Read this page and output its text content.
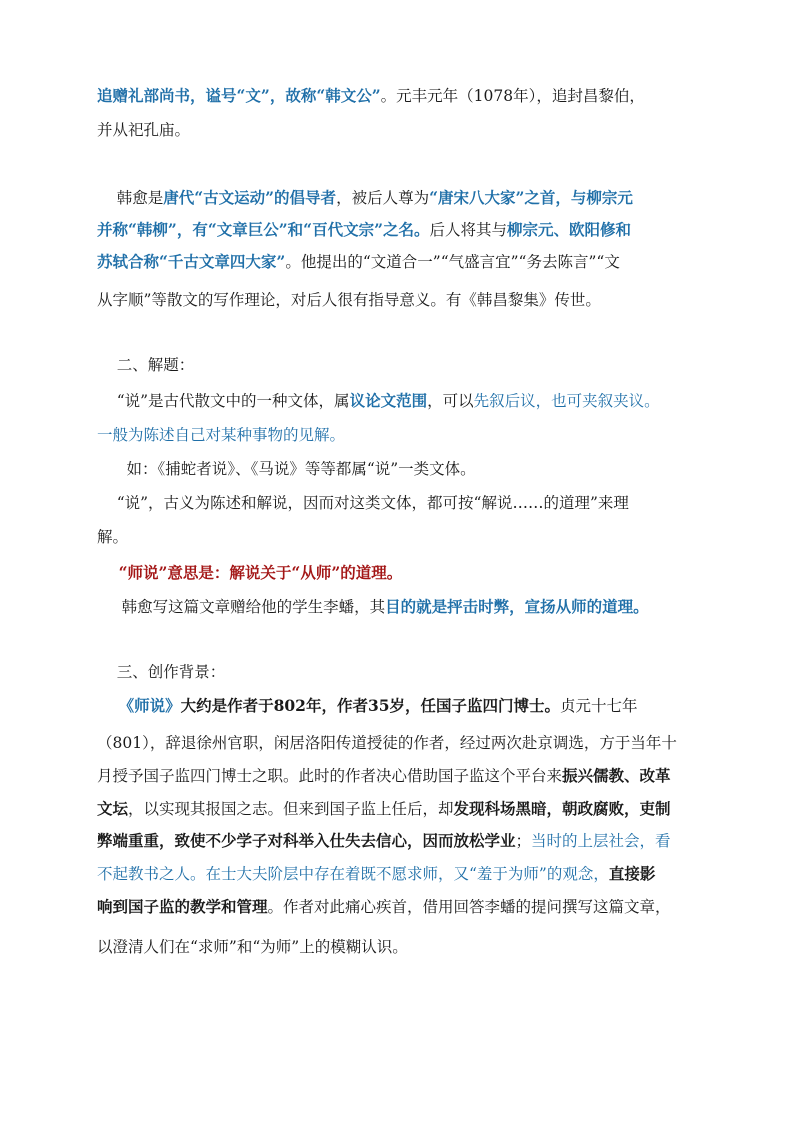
追赠礼部尚书，谥号“文”，故称“韩文公”。元丰元年（1078年），追封昌黎伯，
并从祀孔庙。
韩愈是唐代“古文运动”的倡导者，被后人尊为“唐宋八大家”之首，与柳宗元
并称“韩柳”，有“文章巨公”和“百代文宗”之名。后人将其与柳宗元、欧阳修和
苏轼合称“千古文章四大家”。他提出的“文道合一”“气盛言宜”“务去陈言”“文
从字顺”等散文的写作理论，对后人很有指导意义。有《韩昌黎集》传世。
二、解题：
“说”是古代散文中的一种文体，属议论文范围，可以先叙后议，也可夹叙夹议。
一般为陈述自己对某种事物的见解。
如：《捕蛇者说》、《马说》等等都属“说”一类文体。
“说”，古义为陈述和解说，因而对这类文体，都可按“解说……的道理”来理
解。
“师说”意思是：解说关于“从师”的道理。
韩愈写这篇文章赠给他的学生李蟠，其目的就是抨击时弊，宣扬从师的道理。
三、创作背景：
《师说》大约是作者于802年，作者35岁，任国子监四门博士。贞元十七年
（801），辞退徐州官职，闲居洛阳传道授徒的作者，经过两次赴京调选，方于当年十
月授予国子监四门博士之职。此时的作者决心借助国子监这个平台来振兴儒教、改革
文坛，以实现其报国之志。但来到国子监上任后，却发现科场黑暗，朝政腐败，吏制
弊端重重，致使不少学子对科举入仕失去信心，因而放松学业；当时的上层社会，看
不起教书之人。在士大夫阶层中存在着既不愿求师，又“羞于为师”的观念，直接影
响到国子监的教学和管理。作者对此痛心疾首，借用回答李蟠的提问撰写这篇文章，
以澄清人们在“求师”和“为师”上的模糊认识。
